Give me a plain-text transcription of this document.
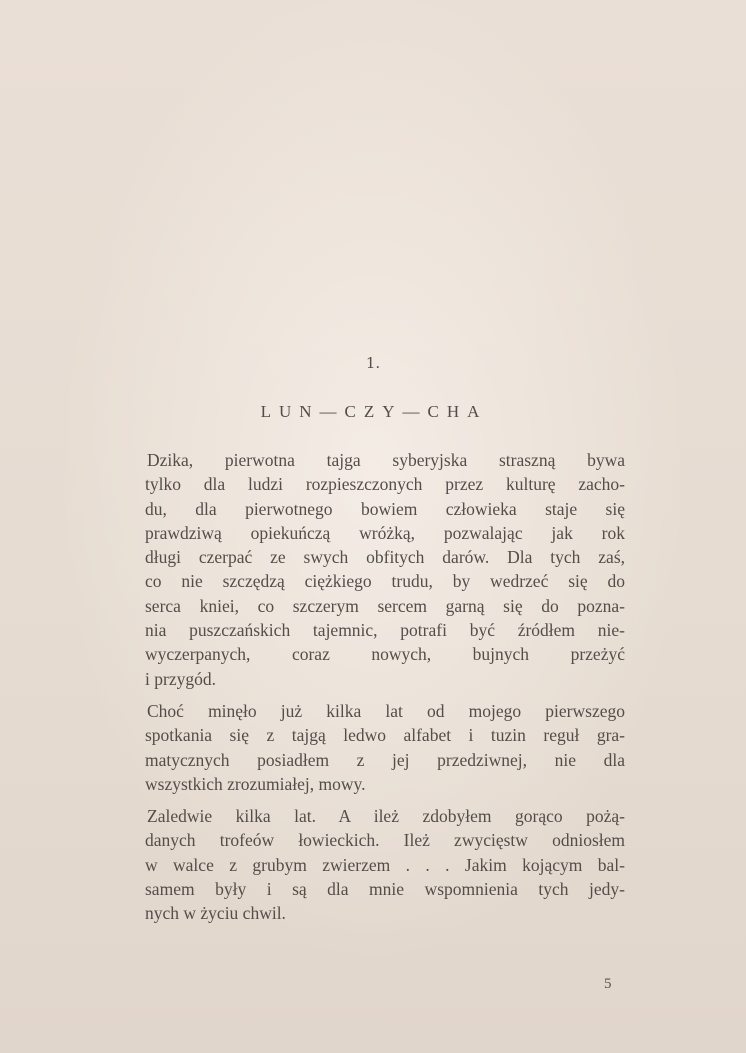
1.
LUN—CZY—CHA

Dzika, pierwotna tajga syberyjska straszną bywa
tylko dla ludzi rozpieszczonych przez kulturę zacho-
du, dla pierwotnego bowiem człowieka staje się
prawdziwą opiekuńczą wróżką, pozwalając jak rok
długi czerpać ze swych obfitych darów. Dla tych zaś,
co nie szczędzą ciężkiego trudu, by wedrzeć się do
serca kniei, co szczerym sercem garną się do pozna-
nia puszczańskich tajemnic, potrafi być źródłem nie-
wyczerpanych, coraz nowych, bujnych przeżyć
i przygód.

Choć minęło już kilka lat od mojego pierwszego
spotkania się z tajgą ledwo alfabet i tuzin reguł gra-
matycznych posiadłem z jej przedziwnej, nie dla
wszystkich zrozumiałej, mowy.

Zaledwie kilka lat. A ileż zdobyłem gorąco pożą-
danych trofeów łowieckich. Ileż zwycięstw odniosłem
w walce z grubym zwierzem . . . Jakim kojącym bal-
samem były i są dla mnie wspomnienia tych jedy-
nych w życiu chwil.

5
